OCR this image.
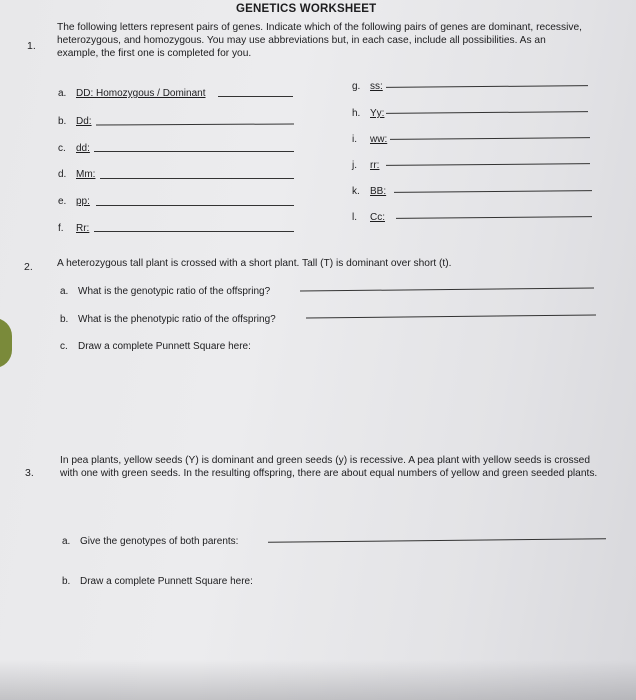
GENETICS WORKSHEET
1.
The following letters represent pairs of genes. Indicate which of the following pairs of genes are dominant, recessive, heterozygous, and homozygous. You may use abbreviations but, in each case, include all possibilities. As an example, the first one is completed for you.
a. DD: Homozygous / Dominant
b. Dd:
c. dd:
d. Mm:
e. pp:
f. Rr:
g. ss:
h. Yy:
i. ww:
j. rr:
k. BB:
l. Cc:
2. A heterozygous tall plant is crossed with a short plant. Tall (T) is dominant over short (t).
a. What is the genotypic ratio of the offspring?
b. What is the phenotypic ratio of the offspring?
c. Draw a complete Punnett Square here:
3.
In pea plants, yellow seeds (Y) is dominant and green seeds (y) is recessive. A pea plant with yellow seeds is crossed with one with green seeds. In the resulting offspring, there are about equal numbers of yellow and green seeded plants.
a. Give the genotypes of both parents:
b. Draw a complete Punnett Square here:
